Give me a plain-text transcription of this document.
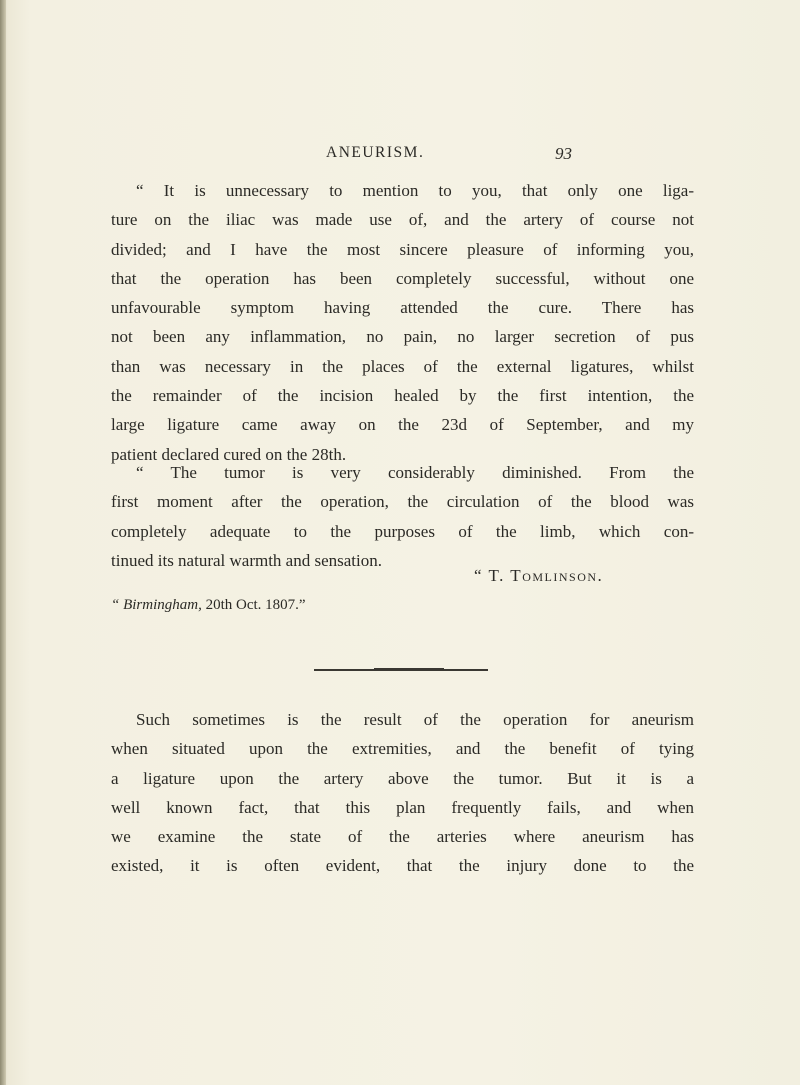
ANEURISM.	93
“ It is unnecessary to mention to you, that only one liga-
ture on the iliac was made use of, and the artery of course not
divided; and I have the most sincere pleasure of informing you,
that the operation has been completely successful, without one
unfavourable symptom having attended the cure. There has
not been any inflammation, no pain, no larger secretion of pus
than was necessary in the places of the external ligatures, whilst
the remainder of the incision healed by the first intention, the
large ligature came away on the 23d of September, and my
patient declared cured on the 28th.
“ The tumor is very considerably diminished. From the
first moment after the operation, the circulation of the blood was
completely adequate to the purposes of the limb, which con-
tinued its natural warmth and sensation.
“ T. Tomlinson.
“ Birmingham, 20th Oct. 1807.”
Such sometimes is the result of the operation for aneurism
when situated upon the extremities, and the benefit of tying
a ligature upon the artery above the tumor. But it is a
well known fact, that this plan frequently fails, and when
we examine the state of the arteries where aneurism has
existed, it is often evident, that the injury done to the
